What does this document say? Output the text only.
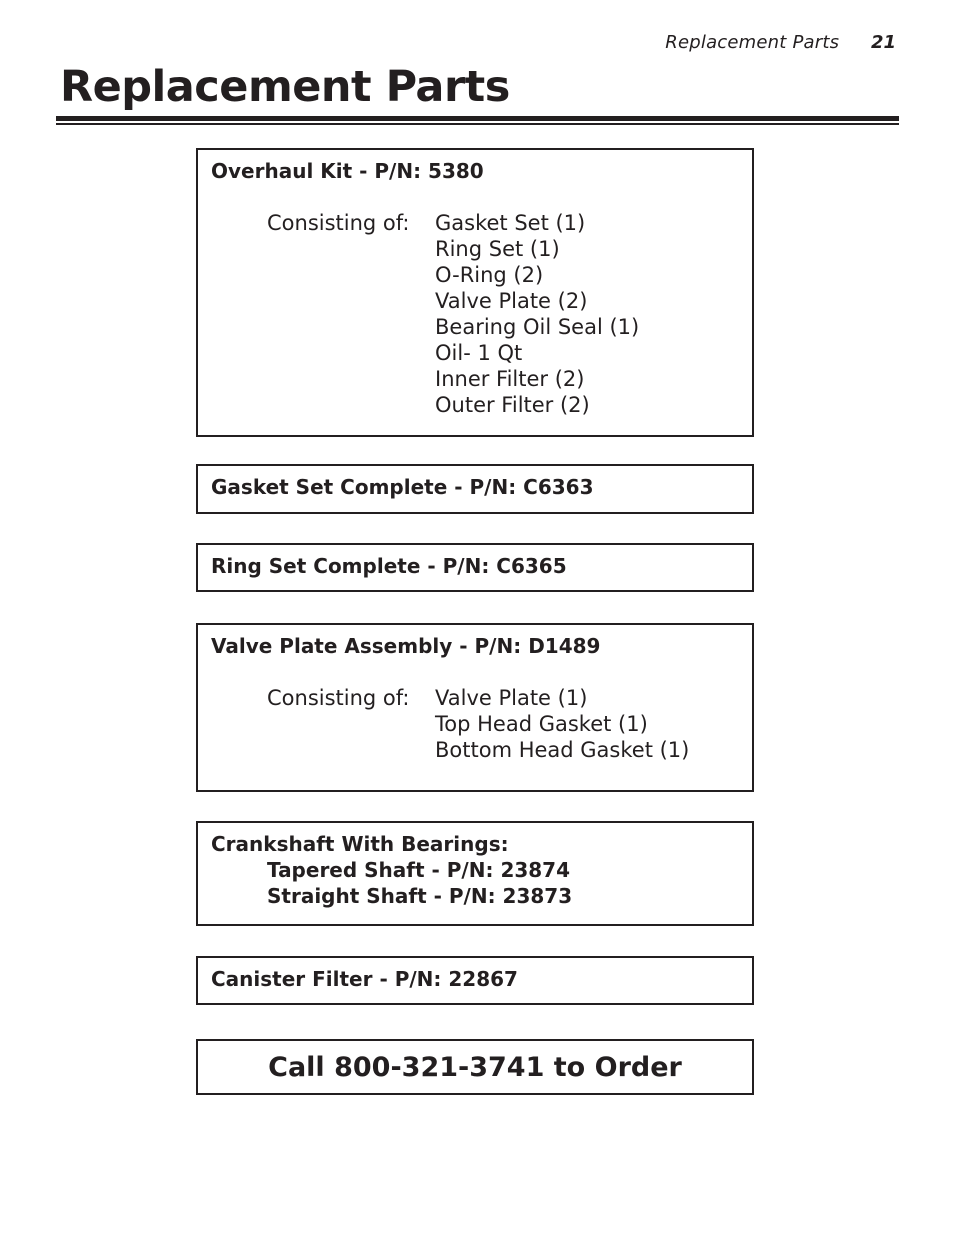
Replacement Parts 21
Replacement Parts
Overhaul Kit - P/N: 5380
Consisting of: Gasket Set (1)
Ring Set (1)
O-Ring (2)
Valve Plate (2)
Bearing Oil Seal (1)
Oil- 1 Qt
Inner Filter (2)
Outer Filter (2)
Gasket Set Complete - P/N: C6363
Ring Set Complete - P/N: C6365
Valve Plate Assembly - P/N: D1489
Consisting of: Valve Plate (1)
Top Head Gasket (1)
Bottom Head Gasket (1)
Crankshaft With Bearings:
Tapered Shaft - P/N: 23874
Straight Shaft - P/N: 23873
Canister Filter - P/N: 22867
Call 800-321-3741 to Order
